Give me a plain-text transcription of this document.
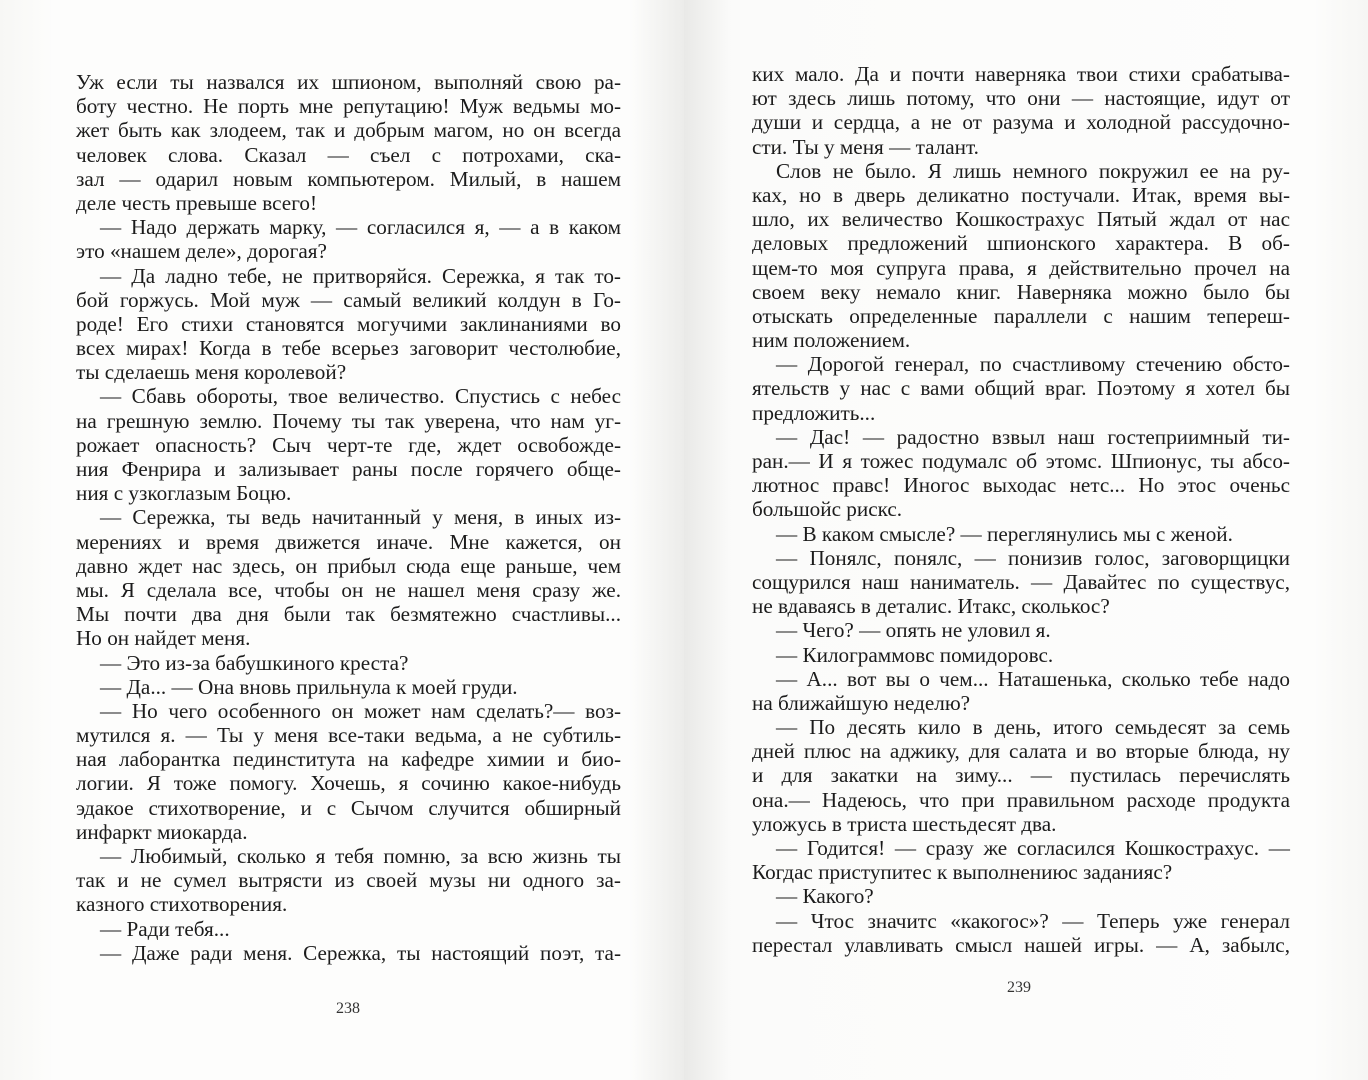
Уж если ты назвался их шпионом, выполняй свою ра-
боту честно. Не порть мне репутацию! Муж ведьмы мо-
жет быть как злодеем, так и добрым магом, но он всегда
человек слова. Сказал — съел с потрохами, ска-
зал — одарил новым компьютером. Милый, в нашем
деле честь превыше всего!
— Надо держать марку, — согласился я, — а в каком
это «нашем деле», дорогая?
— Да ладно тебе, не притворяйся. Сережка, я так то-
бой горжусь. Мой муж — самый великий колдун в Го-
роде! Его стихи становятся могучими заклинаниями во
всех мирах! Когда в тебе всерьез заговорит честолюбие,
ты сделаешь меня королевой?
— Сбавь обороты, твое величество. Спустись с небес
на грешную землю. Почему ты так уверена, что нам уг-
рожает опасность? Сыч черт-те где, ждет освобожде-
ния Фенрира и зализывает раны после горячего обще-
ния с узкоглазым Боцю.
— Сережка, ты ведь начитанный у меня, в иных из-
мерениях и время движется иначе. Мне кажется, он
давно ждет нас здесь, он прибыл сюда еще раньше, чем
мы. Я сделала все, чтобы он не нашел меня сразу же.
Мы почти два дня были так безмятежно счастливы...
Но он найдет меня.
— Это из-за бабушкиного креста?
— Да... — Она вновь прильнула к моей груди.
— Но чего особенного он может нам сделать?— воз-
мутился я. — Ты у меня все-таки ведьма, а не субтиль-
ная лаборантка пединститута на кафедре химии и био-
логии. Я тоже помогу. Хочешь, я сочиню какое-нибудь
эдакое стихотворение, и с Сычом случится обширный
инфаркт миокарда.
— Любимый, сколько я тебя помню, за всю жизнь ты
так и не сумел вытрясти из своей музы ни одного за-
казного стихотворения.
— Ради тебя...
— Даже ради меня. Сережка, ты настоящий поэт, та-
238
ких мало. Да и почти наверняка твои стихи срабатыва-
ют здесь лишь потому, что они — настоящие, идут от
души и сердца, а не от разума и холодной рассудочно-
сти. Ты у меня — талант.
Слов не было. Я лишь немного покружил ее на ру-
ках, но в дверь деликатно постучали. Итак, время вы-
шло, их величество Кошкострахус Пятый ждал от нас
деловых предложений шпионского характера. В об-
щем-то моя супруга права, я действительно прочел на
своем веку немало книг. Наверняка можно было бы
отыскать определенные параллели с нашим тепереш-
ним положением.
— Дорогой генерал, по счастливому стечению обсто-
ятельств у нас с вами общий враг. Поэтому я хотел бы
предложить...
— Дас! — радостно взвыл наш гостеприимный ти-
ран.— И я тожес подумалс об этомс. Шпионус, ты абсо-
лютнос правс! Иногос выходас нетс... Но этос оченьс
большойс рискс.
— В каком смысле? — переглянулись мы с женой.
— Понялс, понялс, — понизив голос, заговорщицки
сощурился наш наниматель. — Давайтес по существус,
не вдаваясь в деталис. Итакс, сколькос?
— Чего? — опять не уловил я.
— Килограммовс помидоровс.
— А... вот вы о чем... Наташенька, сколько тебе надо
на ближайшую неделю?
— По десять кило в день, итого семьдесят за семь
дней плюс на аджику, для салата и во вторые блюда, ну
и для закатки на зиму... — пустилась перечислять
она.— Надеюсь, что при правильном расходе продукта
уложусь в триста шестьдесят два.
— Годится! — сразу же согласился Кошкострахус. —
Когдас приступитес к выполнениюс заданияс?
— Какого?
— Чтос значитс «какогос»? — Теперь уже генерал
перестал улавливать смысл нашей игры. — А, забылс,
239
